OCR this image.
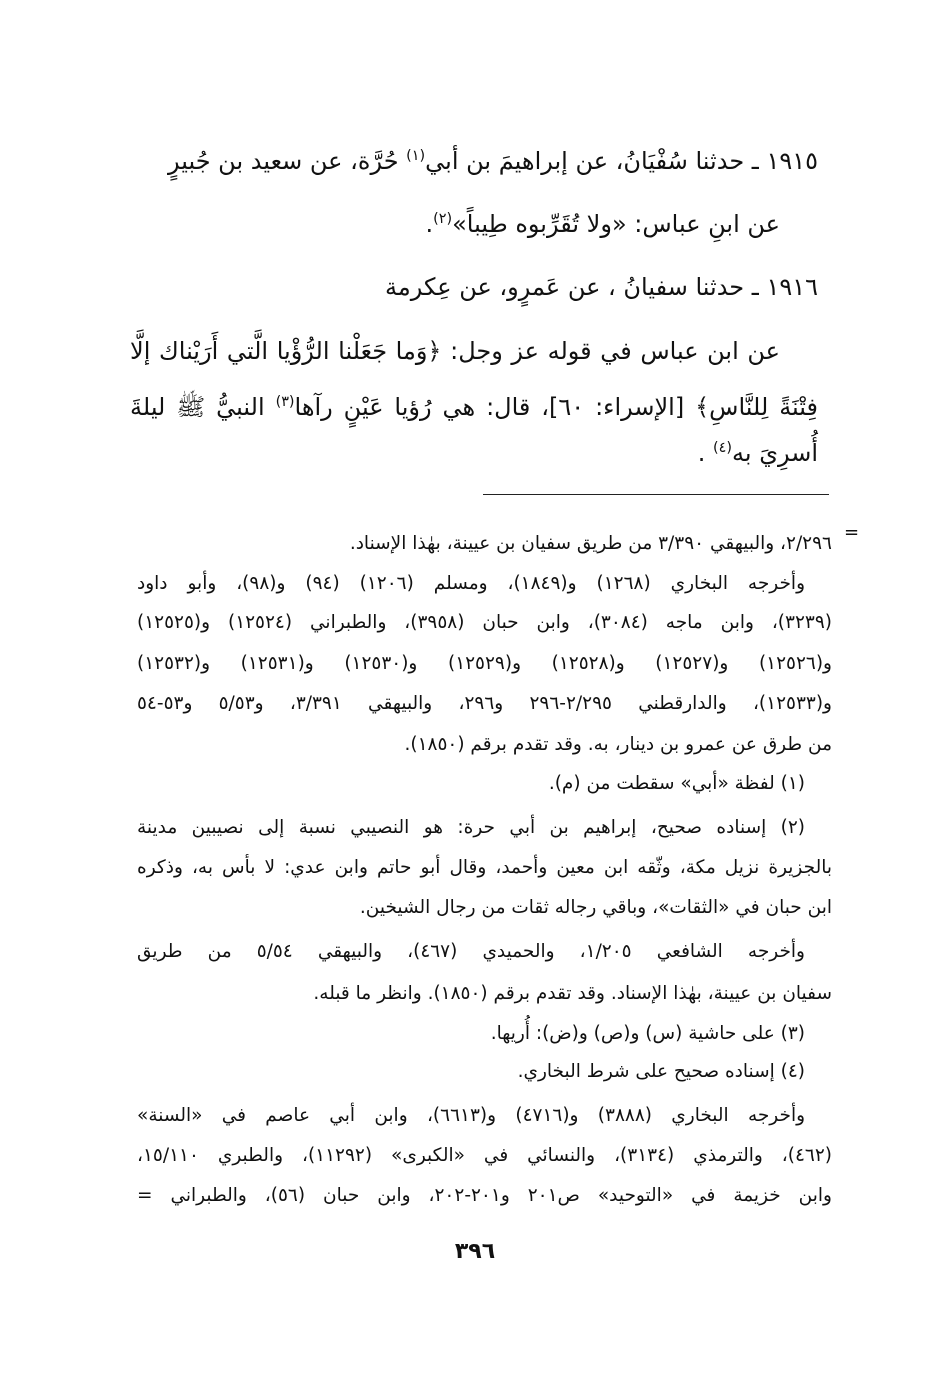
١٩١٥ ـ حدثنا سُفْيَانُ، عن إبراهيمَ بن أبي$^{(١)}$ حُرَّة، عن سعيد بن جُبيرٍ
عن ابنِ عباس: «ولا تُقَرِّبوه طِيباً»$^{(٢)}$.
١٩١٦ ـ حدثنا سفيانُ ، عن عَمرٍو، عن عِكرمة
عن ابن عباس في قوله عز وجل: ﴿وَما جَعَلْنا الرُّؤْيا الَّتي أَرَيْناك إلَّا
فِتْنَةً لِلنَّاسِ﴾ [الإسراء: ٦٠]، قال: هي رُؤيا عَيْنٍ رآها$^{(٣)}$ النبيُّ ﷺ ليلةَ
أُسرِيَ به$^{(٤)}$ .
=
٢/٢٩٦، والبيهقي ٣/٣٩٠ من طريق سفيان بن عيينة، بهٰذا الإسناد.
وأخرجه البخاري (١٢٦٨) و(١٨٤٩)، ومسلم (١٢٠٦) (٩٤) و(٩٨)، وأبو داود
(٣٢٣٩)، وابن ماجه (٣٠٨٤)، وابن حبان (٣٩٥٨)، والطبراني (١٢٥٢٤) و(١٢٥٢٥)
و(١٢٥٢٦) و(١٢٥٢٧) و(١٢٥٢٨) و(١٢٥٢٩) و(١٢٥٣٠) و(١٢٥٣١) و(١٢٥٣٢)
و(١٢٥٣٣)، والدارقطني ٢/٢٩٥-٢٩٦ و٢٩٦، والبيهقي ٣/٣٩١، و٥/٥٣ و٥٣-٥٤
من طرق عن عمرو بن دينار، به. وقد تقدم برقم (١٨٥٠).
(١) لفظة «أبي» سقطت من (م).
(٢) إسناده صحيح، إبراهيم بن أبي حرة: هو النصيبي نسبة إلى نصيبين مدينة
بالجزيرة نزيل مكة، وثّقه ابن معين وأحمد، وقال أبو حاتم وابن عدي: لا بأس به، وذكره
ابن حبان في «الثقات»، وباقي رجاله ثقات من رجال الشيخين.
وأخرجه الشافعي ١/٢٠٥، والحميدي (٤٦٧)، والبيهقي ٥/٥٤ من طريق
سفيان بن عيينة، بهٰذا الإسناد. وقد تقدم برقم (١٨٥٠). وانظر ما قبله.
(٣) على حاشية (س) و(ص) و(ض): أُريها.
(٤) إسناده صحيح على شرط البخاري.
وأخرجه البخاري (٣٨٨٨) و(٤٧١٦) و(٦٦١٣)، وابن أبي عاصم في «السنة»
(٤٦٢)، والترمذي (٣١٣٤)، والنسائي في «الكبرى» (١١٢٩٢)، والطبري ١٥/١١٠،
وابن خزيمة في «التوحيد» ص٢٠١ و٢٠١-٢٠٢، وابن حبان (٥٦)، والطبراني =
٣٩٦
